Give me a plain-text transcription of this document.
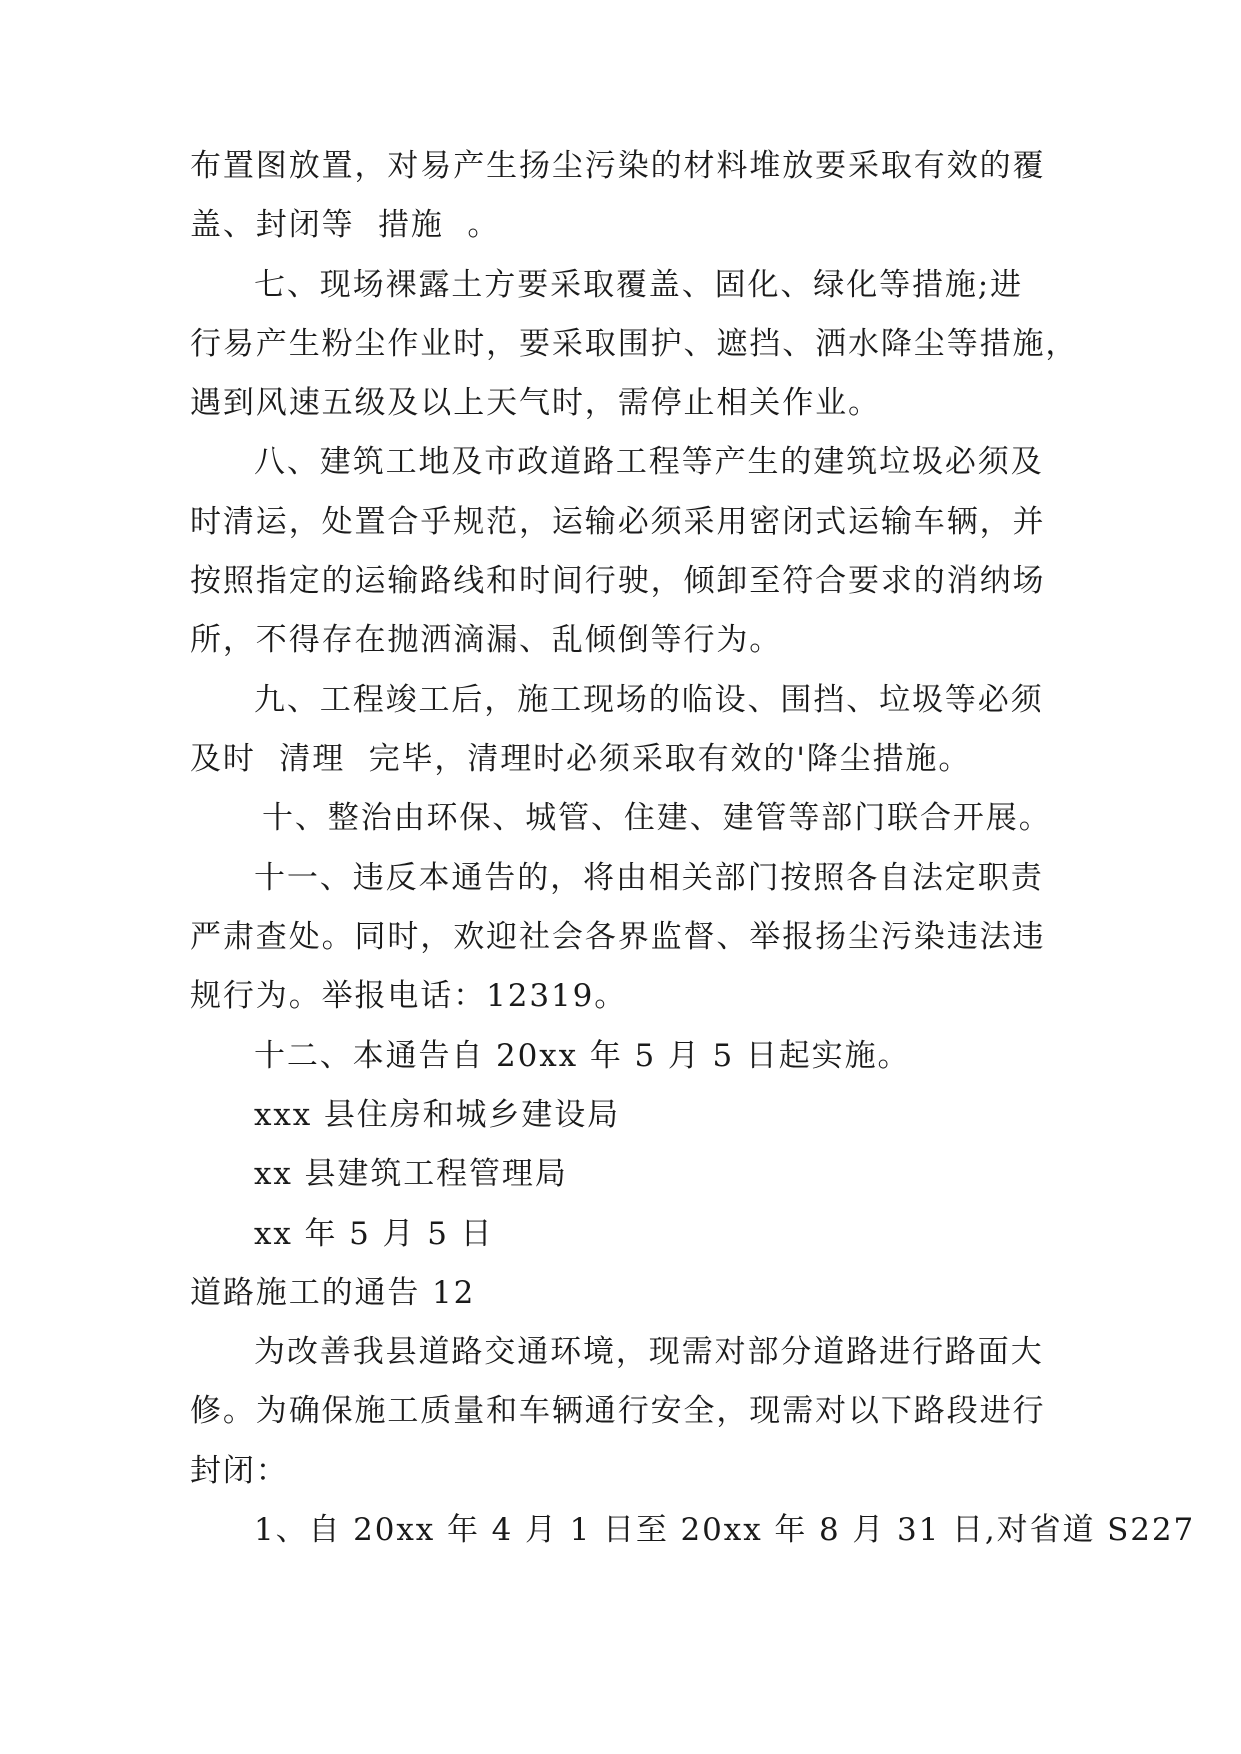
布置图放置，对易产生扬尘污染的材料堆放要采取有效的覆
盖、封闭等  措施  。
七、现场裸露土方要采取覆盖、固化、绿化等措施;进
行易产生粉尘作业时，要采取围护、遮挡、洒水降尘等措施，
遇到风速五级及以上天气时，需停止相关作业。
八、建筑工地及市政道路工程等产生的建筑垃圾必须及
时清运，处置合乎规范，运输必须采用密闭式运输车辆，并
按照指定的运输路线和时间行驶，倾卸至符合要求的消纳场
所，不得存在抛洒滴漏、乱倾倒等行为。
九、工程竣工后，施工现场的临设、围挡、垃圾等必须
及时  清理  完毕，清理时必须采取有效的'降尘措施。
十、整治由环保、城管、住建、建管等部门联合开展。
十一、违反本通告的，将由相关部门按照各自法定职责
严肃查处。同时，欢迎社会各界监督、举报扬尘污染违法违
规行为。举报电话：12319。
十二、本通告自 20xx 年 5 月 5 日起实施。
xxx 县住房和城乡建设局
xx 县建筑工程管理局
xx 年 5 月 5 日
道路施工的通告 12
为改善我县道路交通环境，现需对部分道路进行路面大
修。为确保施工质量和车辆通行安全，现需对以下路段进行
封闭：
1、自 20xx 年 4 月 1 日至 20xx 年 8 月 31 日,对省道 S227
